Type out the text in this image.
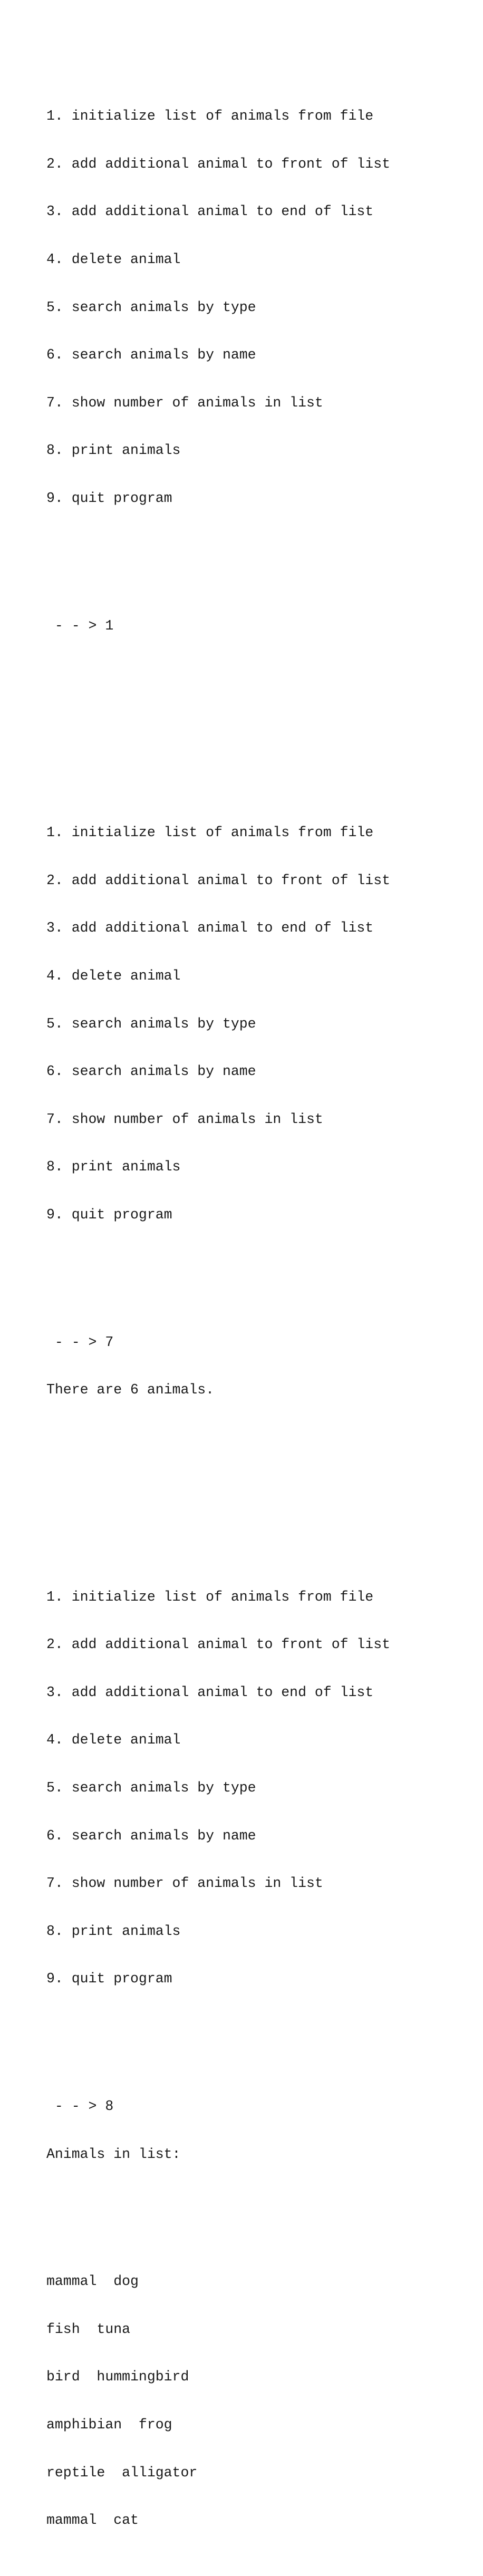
1. initialize list of animals from file

2. add additional animal to front of list

3. add additional animal to end of list

4. delete animal

5. search animals by type

6. search animals by name

7. show number of animals in list

8. print animals

9. quit program

- - > 1

1. initialize list of animals from file

2. add additional animal to front of list

3. add additional animal to end of list

4. delete animal

5. search animals by type

6. search animals by name

7. show number of animals in list

8. print animals

9. quit program

- - > 7

There are 6 animals.

1. initialize list of animals from file

2. add additional animal to front of list

3. add additional animal to end of list

4. delete animal

5. search animals by type

6. search animals by name

7. show number of animals in list

8. print animals

9. quit program

- - > 8

Animals in list:

mammal  dog

fish  tuna

bird  hummingbird

amphibian  frog

reptile  alligator

mammal  cat
